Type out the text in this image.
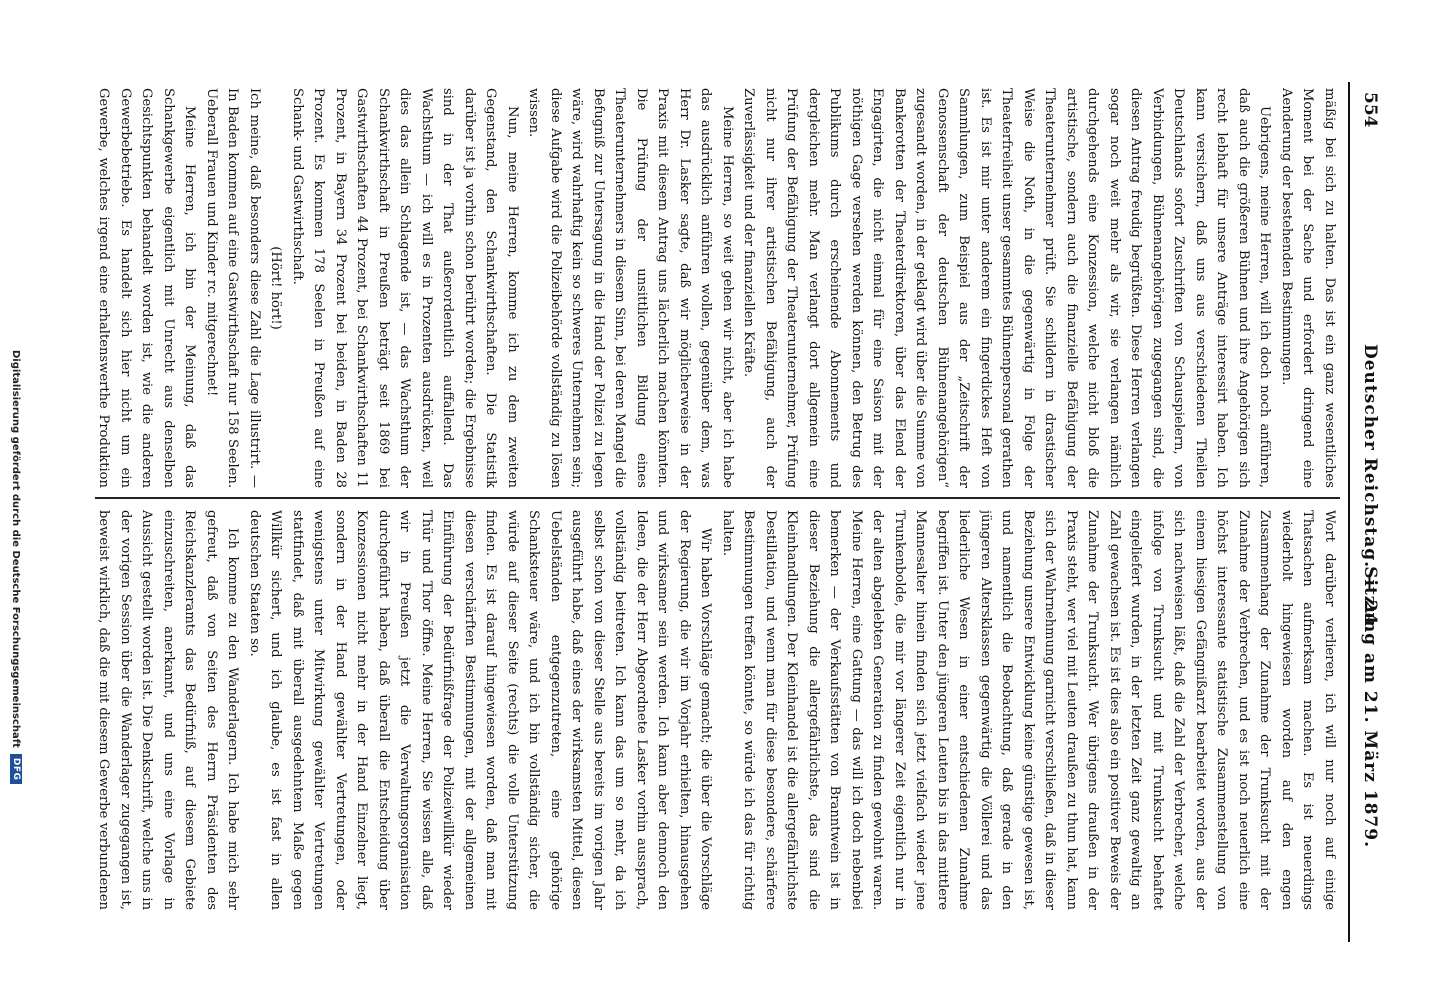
554
Deutscher Reichstag. — 24.
Sitzung am 21. März 1879.

mäßig bei sich zu halten. Das ist ein ganz wesentliches Moment bei der Sache und erfordert dringend eine Aenderung der bestehenden Bestimmungen.

Uebrigens, meine Herren, will ich doch noch anführen, daß auch die größeren Bühnen und ihre Angehörigen sich recht lebhaft für unsere Anträge interessirt haben. Ich kann versichern, daß uns aus verschiedenen Theilen Deutschlands sofort Zuschriften von Schauspielern, von Verbindungen, Bühnenangehörigen zugegangen sind, die diesen Antrag freudig begrüßten. Diese Herren verlangen sogar noch weit mehr als wir, sie verlangen nämlich durchgehends eine Konzession, welche nicht bloß die artistische, sondern auch die finanzielle Befähigung der Theaterunternehmer prüft. Sie schildern in drastischer Weise die Noth, in die gegenwärtig in Folge der Theaterfreiheit unser gesammtes Bühnenpersonal gerathen ist. Es ist mir unter anderem ein fingerdickes Heft von Sammlungen, zum Beispiel aus der „Zeitschrift der Genossenschaft der deutschen Bühnenangehörigen“ zugesandt worden, in der geklagt wird über die Summe von Bankerotten der Theaterdirektoren, über das Elend der Engagirten, die nicht einmal für eine Saison mit der nöthigen Gage versehen werden können, den Betrug des Publikums durch erscheinende Abonnements und dergleichen mehr. Man verlangt dort allgemein eine Prüfung der Befähigung der Theaterunternehmer, Prüfung nicht nur ihrer artistischen Befähigung, auch der Zuverlässigkeit und der finanziellen Kräfte.

Meine Herren, so weit gehen wir nicht, aber ich habe das ausdrücklich anführen wollen, gegenüber dem, was Herr Dr. Lasker sagte, daß wir möglicherweise in der Praxis mit diesem Antrag uns lächerlich machen könnten. Die Prüfung der unsittlichen Bildung eines Theaterunternehmers in diesem Sinn, bei deren Mangel die Befugniß zur Untersagung in die Hand der Polizei zu legen wäre, wird wahrhaftig kein so schweres Unternehmen sein; diese Aufgabe wird die Polizeibehörde vollständig zu lösen wissen.

Nun, meine Herren, komme ich zu dem zweiten Gegenstand, den Schankwirthschaften. Die Statistik darüber ist ja vorhin schon berührt worden; die Ergebnisse sind in der That außerordentlich auffallend. Das Wachsthum — ich will es in Prozenten ausdrücken, weil dies das allein Schlagende ist, — das Wachsthum der Schankwirthschaft in Preußen beträgt seit 1869 bei Gastwirthschaften 44 Prozent, bei Schankwirthschaften 11 Prozent, in Bayern 34 Prozent bei beiden, in Baden 28 Prozent. Es kommen 178 Seelen in Preußen auf eine Schank- und Gastwirthschaft.

(Hört! hört!)

Ich meine, daß besonders diese Zahl die Lage illustrirt. — In Baden kommen auf eine Gastwirthschaft nur 158 Seelen. Ueberall Frauen und Kinder rc. mitgerechnet!

Meine Herren, ich bin der Meinung, daß das Schankgewerbe eigentlich mit Unrecht aus denselben Gesichtspunkten behandelt worden ist, wie die anderen Gewerbebetriebe. Es handelt sich hier nicht um ein Gewerbe, welches irgend eine erhaltenswerthe Produktion

Wort darüber verlieren, ich will nur noch auf einige Thatsachen aufmerksam machen. Es ist neuerdings wiederholt hingewiesen worden auf den engen Zusammenhang der Zunahme der Trunksucht mit der Zunahme der Verbrechen, und es ist noch neuerlich eine höchst interessante statistische Zusammenstellung von einem hiesigen Gefängnißarzt bearbeitet worden, aus der sich nachweisen läßt, daß die Zahl der Verbrecher, welche infolge von Trunksucht und mit Trunksucht behaftet eingeliefert wurden, in der letzten Zeit ganz gewaltig an Zahl gewachsen ist. Es ist dies also ein positiver Beweis der Zunahme der Trunksucht. Wer übrigens draußen in der Praxis steht, wer viel mit Leuten draußen zu thun hat, kann sich der Wahrnehmung garnicht verschließen, daß in dieser Beziehung unsere Entwicklung keine günstige gewesen ist, und namentlich die Beobachtung, daß gerade in den jüngeren Altersklassen gegenwärtig die Völlerei und das liederliche Wesen in einer entschiedenen Zunahme begriffen ist. Unter den jüngeren Leuten bis in das mittlere Mannesalter hinein finden sich jetzt vielfach wieder jene Trunkenbolde, die mir vor längerer Zeit eigentlich nur in der alten abgelebten Generation zu finden gewohnt waren. Meine Herren, eine Gattung — das will ich doch nebenbei bemerken — der Verkaufsstätten von Branntwein ist in dieser Beziehung die allergefährlichste, das sind die Kleinhandlungen. Der Kleinhandel ist die allergefährlichste Destillation, und wenn man für diese besondere, schärfere Bestimmungen treffen könnte, so würde ich das für richtig halten.

Wir haben Vorschläge gemacht; die über die Vorschläge der Regierung, die wir im Vorjahr erhielten, hinausgehen und wirksamer sein werden. Ich kann aber dennoch den Ideen, die der Herr Abgeordnete Lasker vorhin aussprach, vollständig beitreten. Ich kann das um so mehr, da ich selbst schon von dieser Stelle aus bereits im vorigen Jahr ausgeführt habe, daß eines der wirksamsten Mittel, diesen Uebelständen entgegenzutreten, eine gehörige Schanksteuer wäre, und ich bin vollständig sicher, die würde auf dieser Seite (rechts) die volle Unterstützung finden. Es ist darauf hingewiesen worden, daß man mit diesen verschärften Bestimmungen, mit der allgemeinen Einführung der Bedürfnißfrage der Polizeiwillkür wieder Thür und Thor öffne. Meine Herren, Sie wissen alle, daß wir in Preußen jetzt die Verwaltungsorganisation durchgeführt haben, daß überall die Entscheidung über Konzessionen nicht mehr in der Hand Einzelner liegt, sondern in der Hand gewählter Vertretungen, oder wenigstens unter Mitwirkung gewählter Vertretungen stattfindet, daß mit überall ausgedehntem Maße gegen Willkür sichert, und ich glaube, es ist fast in allen deutschen Staaten so.

Ich komme zu den Wanderlagern. Ich habe mich sehr gefreut, daß von Seiten des Herrn Präsidenten des Reichskanzleramts das Bedürfniß, auf diesem Gebiete einzuschreiten, anerkannt, und uns eine Vorlage in Aussicht gestellt worden ist. Die Denkschrift, welche uns in der vorigen Session über die Wanderlager zugegangen ist, beweist wirklich, daß die mit diesem Gewerbe verbundenen

Digitalisierung gefördert durch die Deutsche Forschungsgemeinschaft
DFG
